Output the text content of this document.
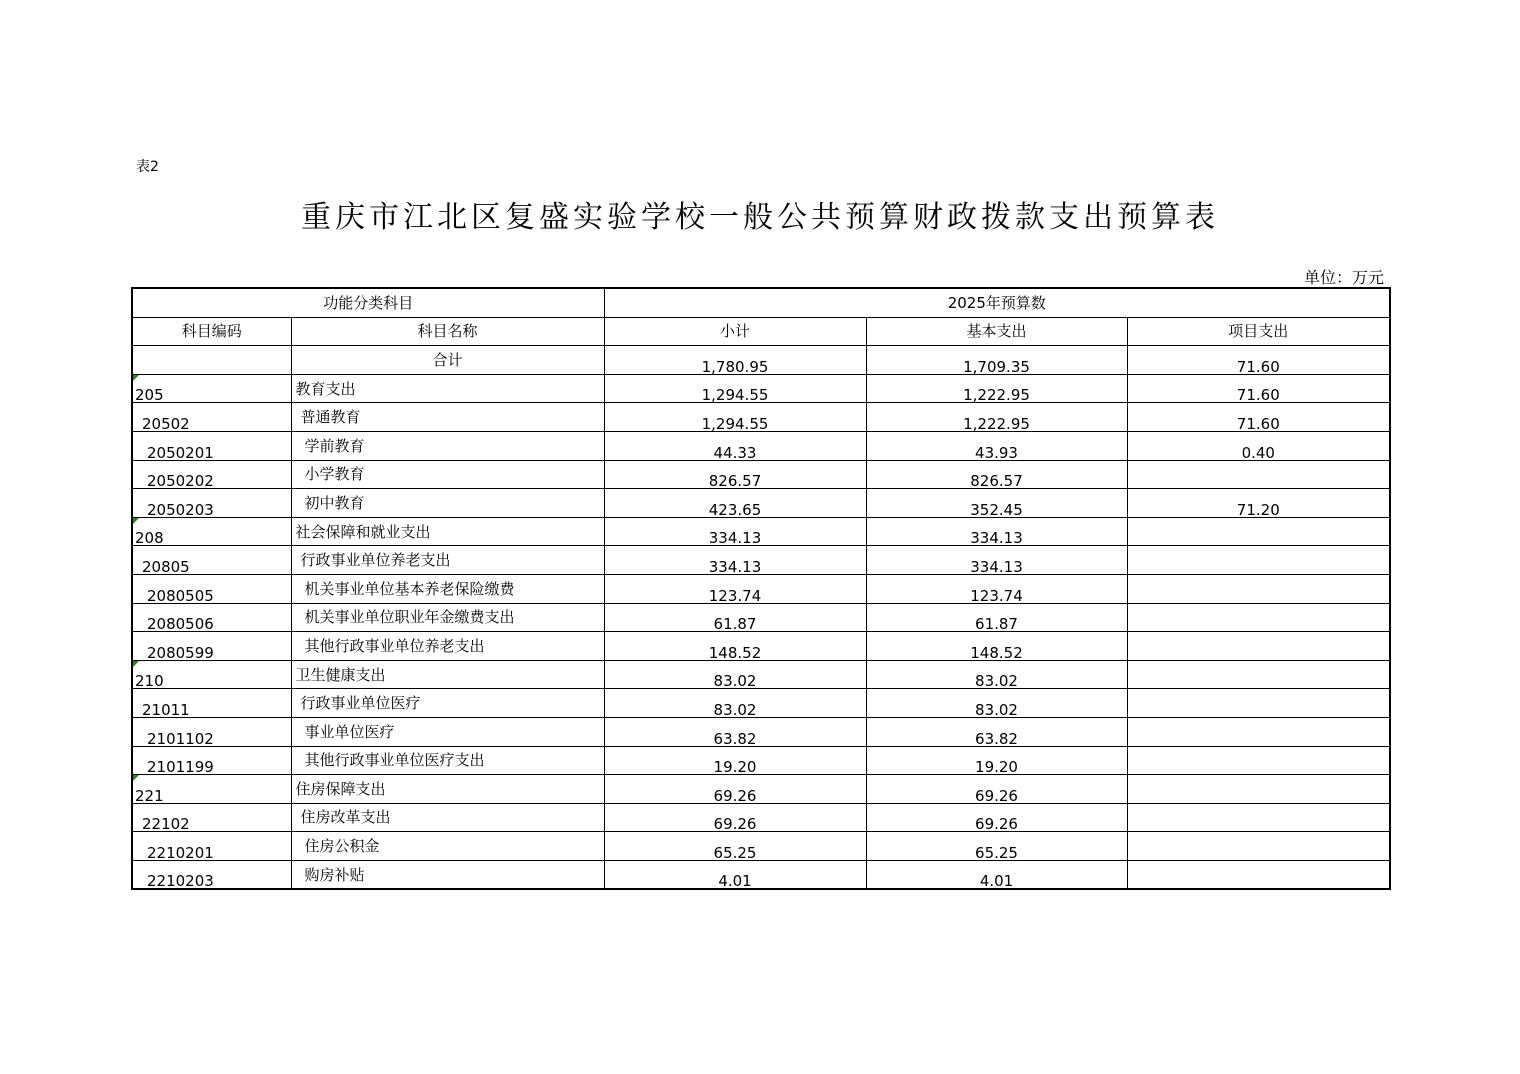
表2
重庆市江北区复盛实验学校一般公共预算财政拨款支出预算表
单位：万元
功能分类科目		2025年预算数		
科目编码	科目名称	小计	基本支出	项目支出
	合计	1,780.95	1,709.35	71.60
205	教育支出	1,294.55	1,222.95	71.60
20502	普通教育	1,294.55	1,222.95	71.60
2050201	学前教育	44.33	43.93	0.40
2050202	小学教育	826.57	826.57	
2050203	初中教育	423.65	352.45	71.20
208	社会保障和就业支出	334.13	334.13	
20805	行政事业单位养老支出	334.13	334.13	
2080505	机关事业单位基本养老保险缴费	123.74	123.74	
2080506	机关事业单位职业年金缴费支出	61.87	61.87	
2080599	其他行政事业单位养老支出	148.52	148.52	
210	卫生健康支出	83.02	83.02	
21011	行政事业单位医疗	83.02	83.02	
2101102	事业单位医疗	63.82	63.82	
2101199	其他行政事业单位医疗支出	19.20	19.20	
221	住房保障支出	69.26	69.26	
22102	住房改革支出	69.26	69.26	
2210201	住房公积金	65.25	65.25	
2210203	购房补贴	4.01	4.01	
